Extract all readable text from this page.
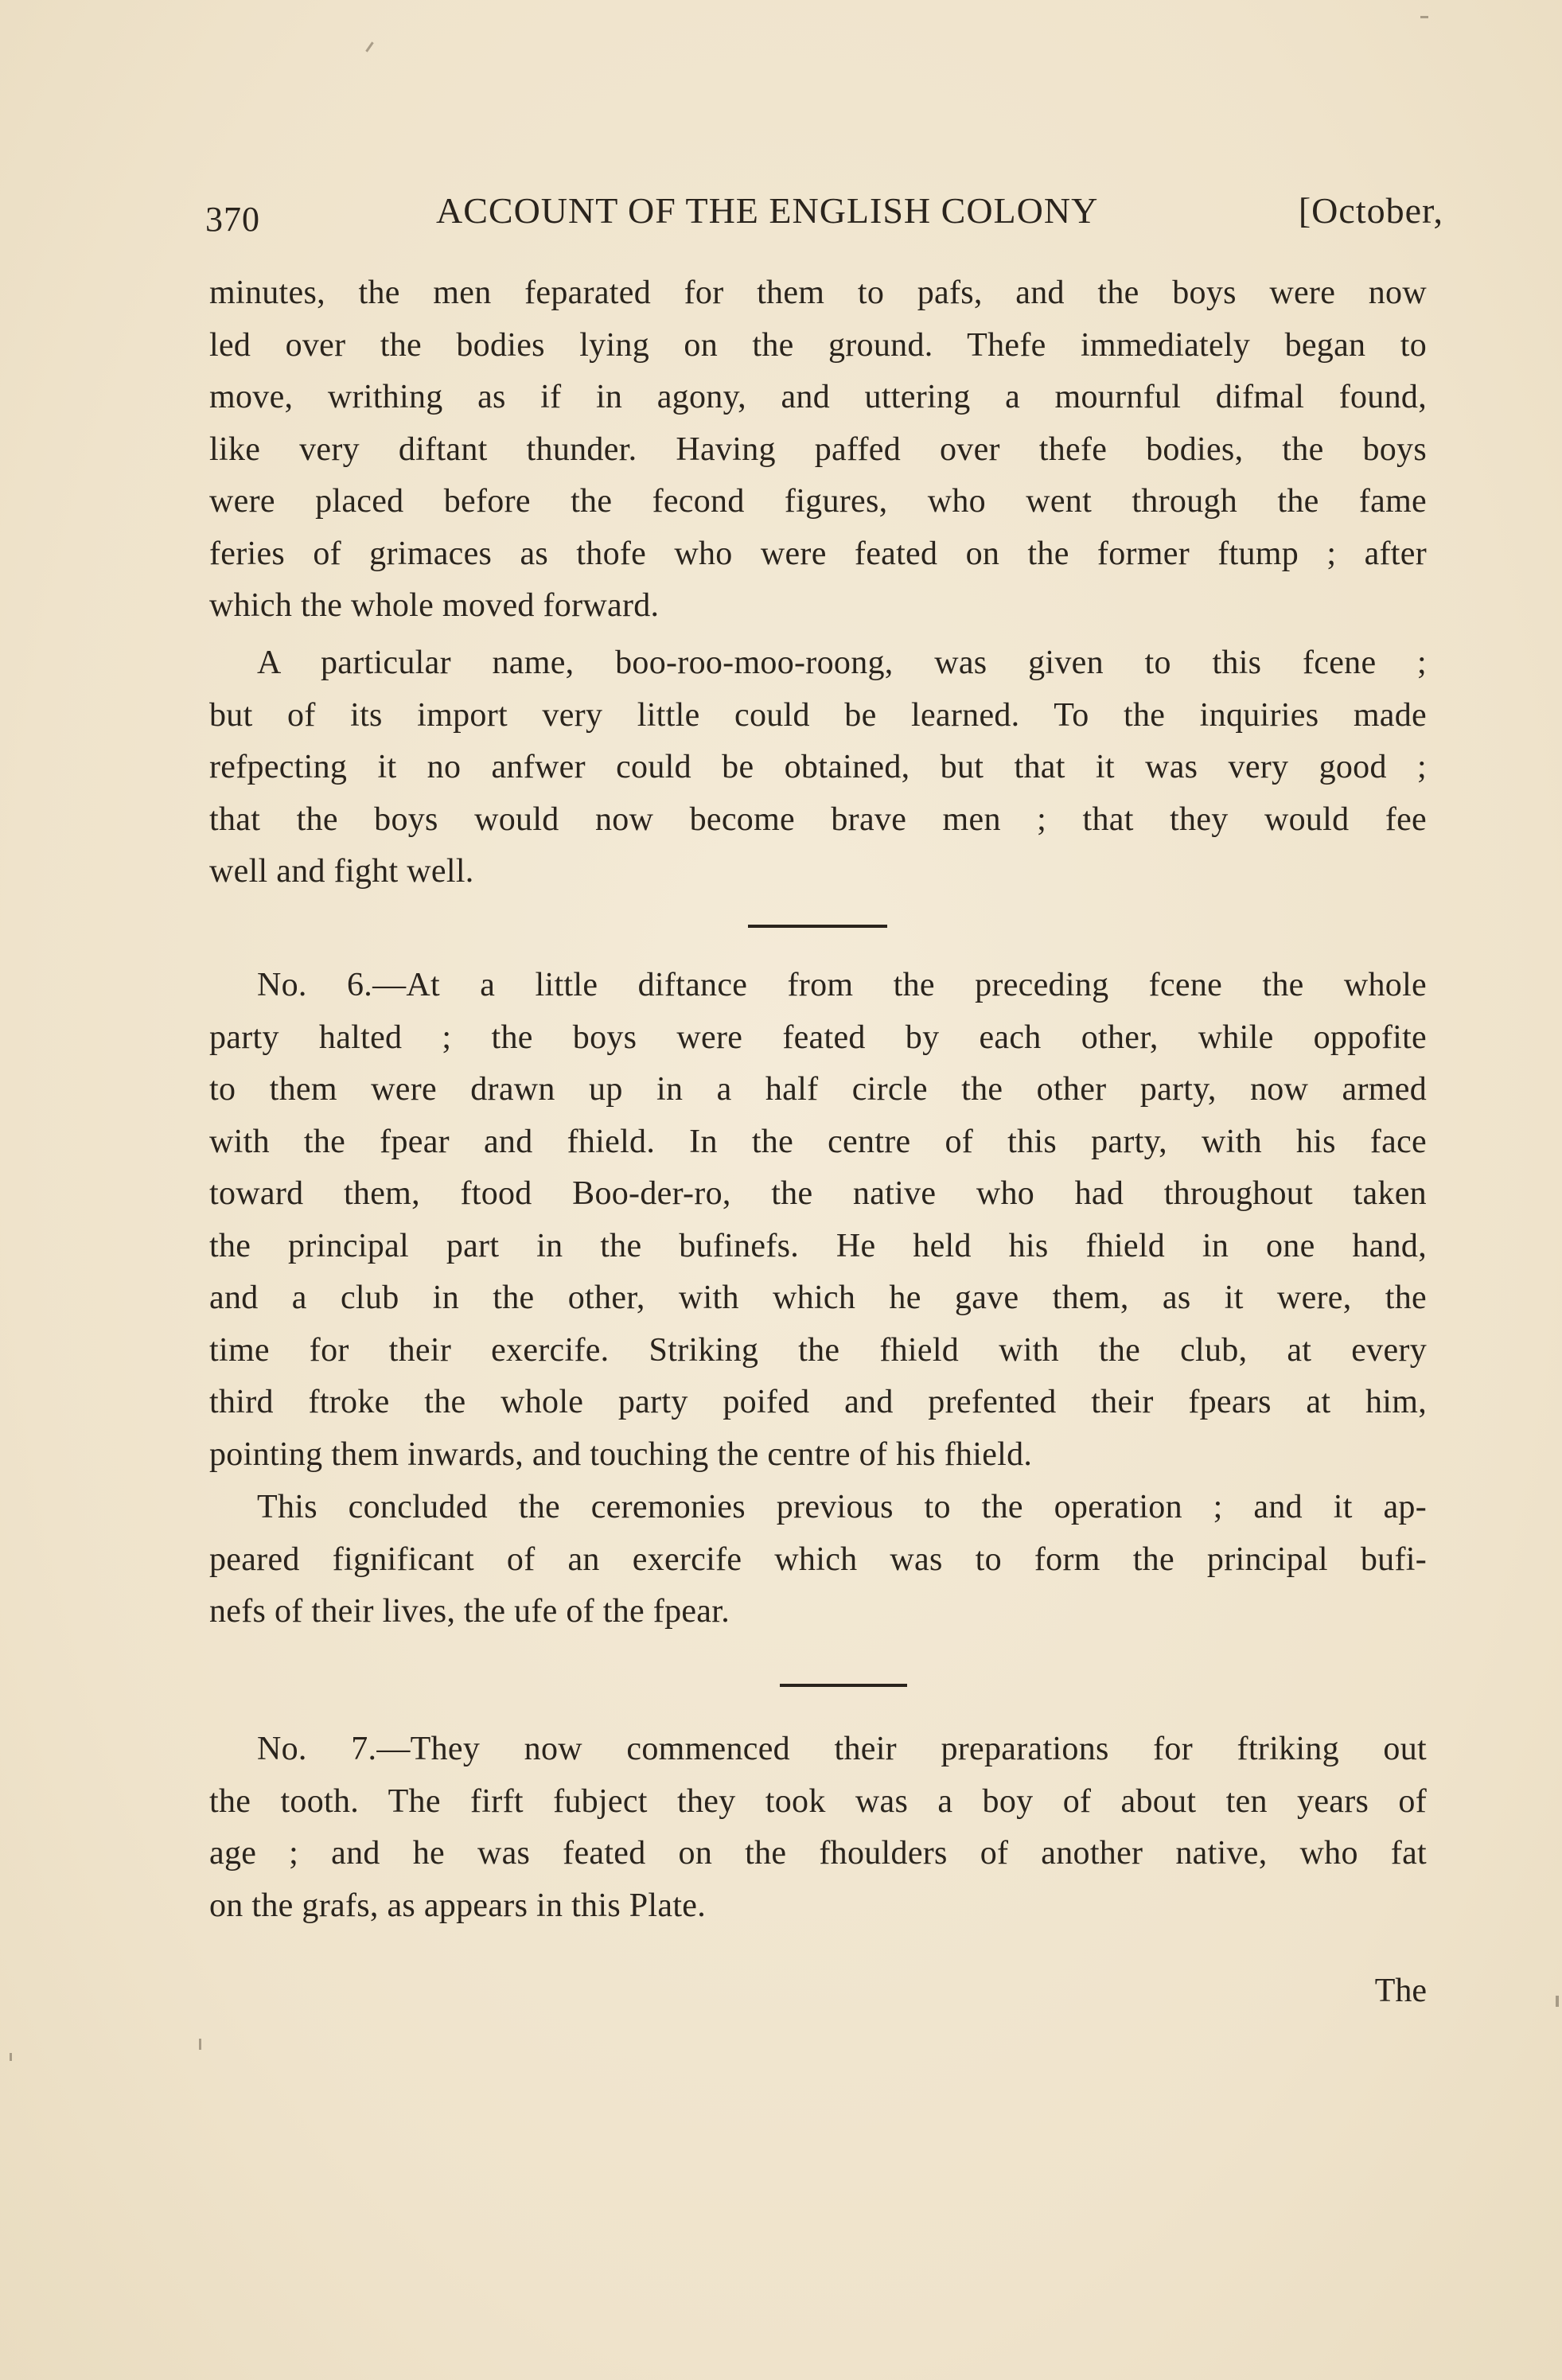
370	ACCOUNT OF THE ENGLISH COLONY	[October,
minutes, the men feparated for them to pafs, and the boys were now
led over the bodies lying on the ground. Thefe immediately began to
move, writhing as if in agony, and uttering a mournful difmal found,
like very diftant thunder. Having paffed over thefe bodies, the boys
were placed before the fecond figures, who went through the fame
feries of grimaces as thofe who were feated on the former ftump ; after
which the whole moved forward.
A particular name, boo-roo-moo-roong, was given to this fcene ;
but of its import very little could be learned. To the inquiries made
refpecting it no anfwer could be obtained, but that it was very good ;
that the boys would now become brave men ; that they would fee
well and fight well.
No. 6.—At a little diftance from the preceding fcene the whole
party halted ; the boys were feated by each other, while oppofite
to them were drawn up in a half circle the other party, now armed
with the fpear and fhield. In the centre of this party, with his face
toward them, ftood Boo-der-ro, the native who had throughout taken
the principal part in the bufinefs. He held his fhield in one hand,
and a club in the other, with which he gave them, as it were, the
time for their exercife. Striking the fhield with the club, at every
third ftroke the whole party poifed and prefented their fpears at him,
pointing them inwards, and touching the centre of his fhield.
This concluded the ceremonies previous to the operation ; and it ap-
peared fignificant of an exercife which was to form the principal bufi-
nefs of their lives, the ufe of the fpear.
No. 7.—They now commenced their preparations for ftriking out
the tooth. The firft fubject they took was a boy of about ten years of
age ; and he was feated on the fhoulders of another native, who fat
on the grafs, as appears in this Plate.
The
